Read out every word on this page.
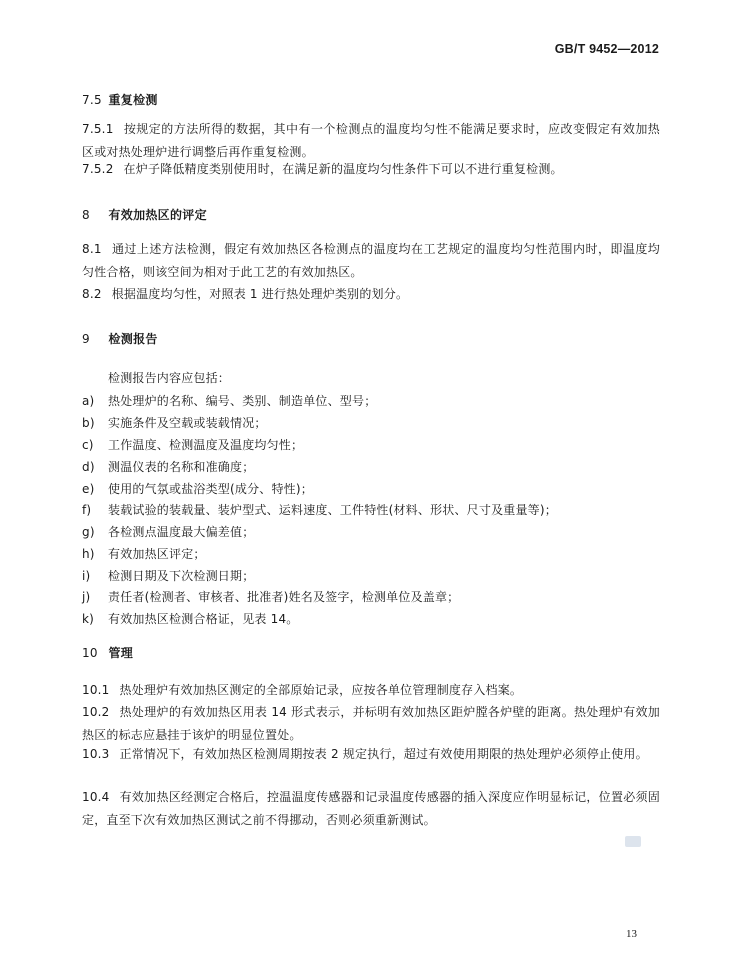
GB/T 9452—2012
7.5 重复检测
7.5.1 按规定的方法所得的数据，其中有一个检测点的温度均匀性不能满足要求时，应改变假定有效加热区或对热处理炉进行调整后再作重复检测。
7.5.2 在炉子降低精度类别使用时，在满足新的温度均匀性条件下可以不进行重复检测。
8 有效加热区的评定
8.1 通过上述方法检测，假定有效加热区各检测点的温度均在工艺规定的温度均匀性范围内时，即温度均匀性合格，则该空间为相对于此工艺的有效加热区。
8.2 根据温度均匀性，对照表 1 进行热处理炉类别的划分。
9 检测报告
检测报告内容应包括：
a) 热处理炉的名称、编号、类别、制造单位、型号；
b) 实施条件及空载或装载情况；
c) 工作温度、检测温度及温度均匀性；
d) 测温仪表的名称和准确度；
e) 使用的气氛或盐浴类型(成分、特性)；
f) 装载试验的装载量、装炉型式、运料速度、工件特性(材料、形状、尺寸及重量等)；
g) 各检测点温度最大偏差值；
h) 有效加热区评定；
i) 检测日期及下次检测日期；
j) 责任者(检测者、审核者、批准者)姓名及签字，检测单位及盖章；
k) 有效加热区检测合格证，见表 14。
10 管理
10.1 热处理炉有效加热区测定的全部原始记录，应按各单位管理制度存入档案。
10.2 热处理炉的有效加热区用表 14 形式表示，并标明有效加热区距炉膛各炉壁的距离。热处理炉有效加热区的标志应悬挂于该炉的明显位置处。
10.3 正常情况下，有效加热区检测周期按表 2 规定执行，超过有效使用期限的热处理炉必须停止使用。
10.4 有效加热区经测定合格后，控温温度传感器和记录温度传感器的插入深度应作明显标记，位置必须固定，直至下次有效加热区测试之前不得挪动，否则必须重新测试。
13
